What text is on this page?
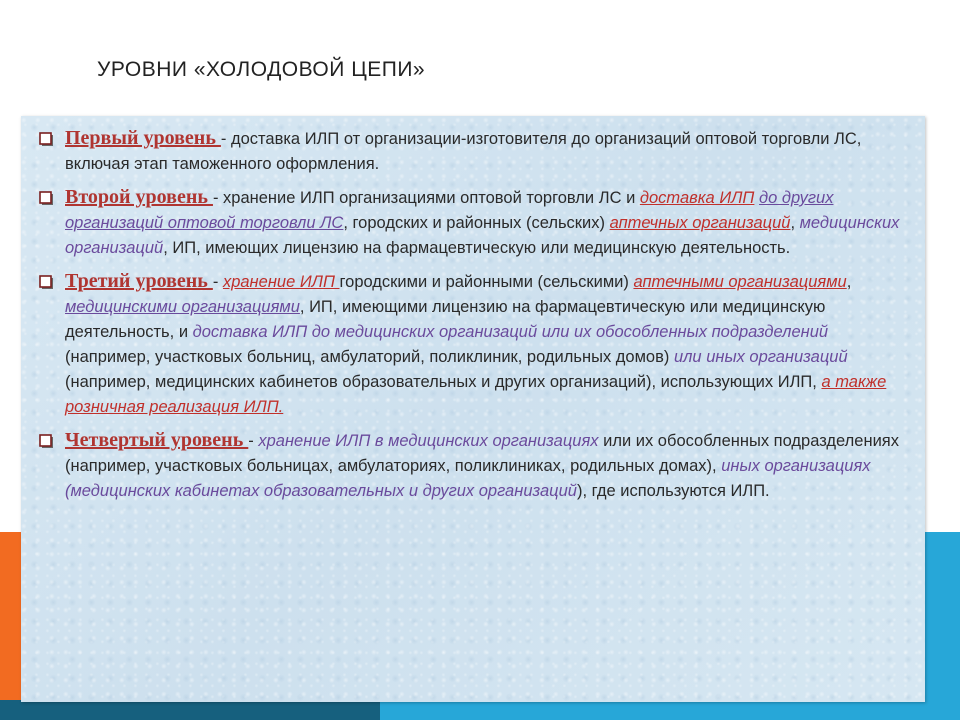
УРОВНИ «ХОЛОДОВОЙ ЦЕПИ»
Первый уровень - доставка ИЛП от организации-изготовителя до организаций оптовой торговли ЛС, включая этап таможенного оформления.
Второй уровень - хранение ИЛП организациями оптовой торговли ЛС и доставка ИЛП до других организаций оптовой торговли ЛС, городских и районных (сельских) аптечных организаций, медицинских организаций, ИП, имеющих лицензию на фармацевтическую или медицинскую деятельность.
Третий уровень - хранение ИЛП городскими и районными (сельскими) аптечными организациями, медицинскими организациями, ИП, имеющими лицензию на фармацевтическую или медицинскую деятельность, и доставка ИЛП до медицинских организаций или их обособленных подразделений (например, участковых больниц, амбулаторий, поликлиник, родильных домов) или иных организаций (например, медицинских кабинетов образовательных и других организаций), использующих ИЛП, а также розничная реализация ИЛП.
Четвертый уровень - хранение ИЛП в медицинских организациях или их обособленных подразделениях (например, участковых больницах, амбулаториях, поликлиниках, родильных домах), иных организациях (медицинских кабинетах образовательных и других организаций), где используются ИЛП.
